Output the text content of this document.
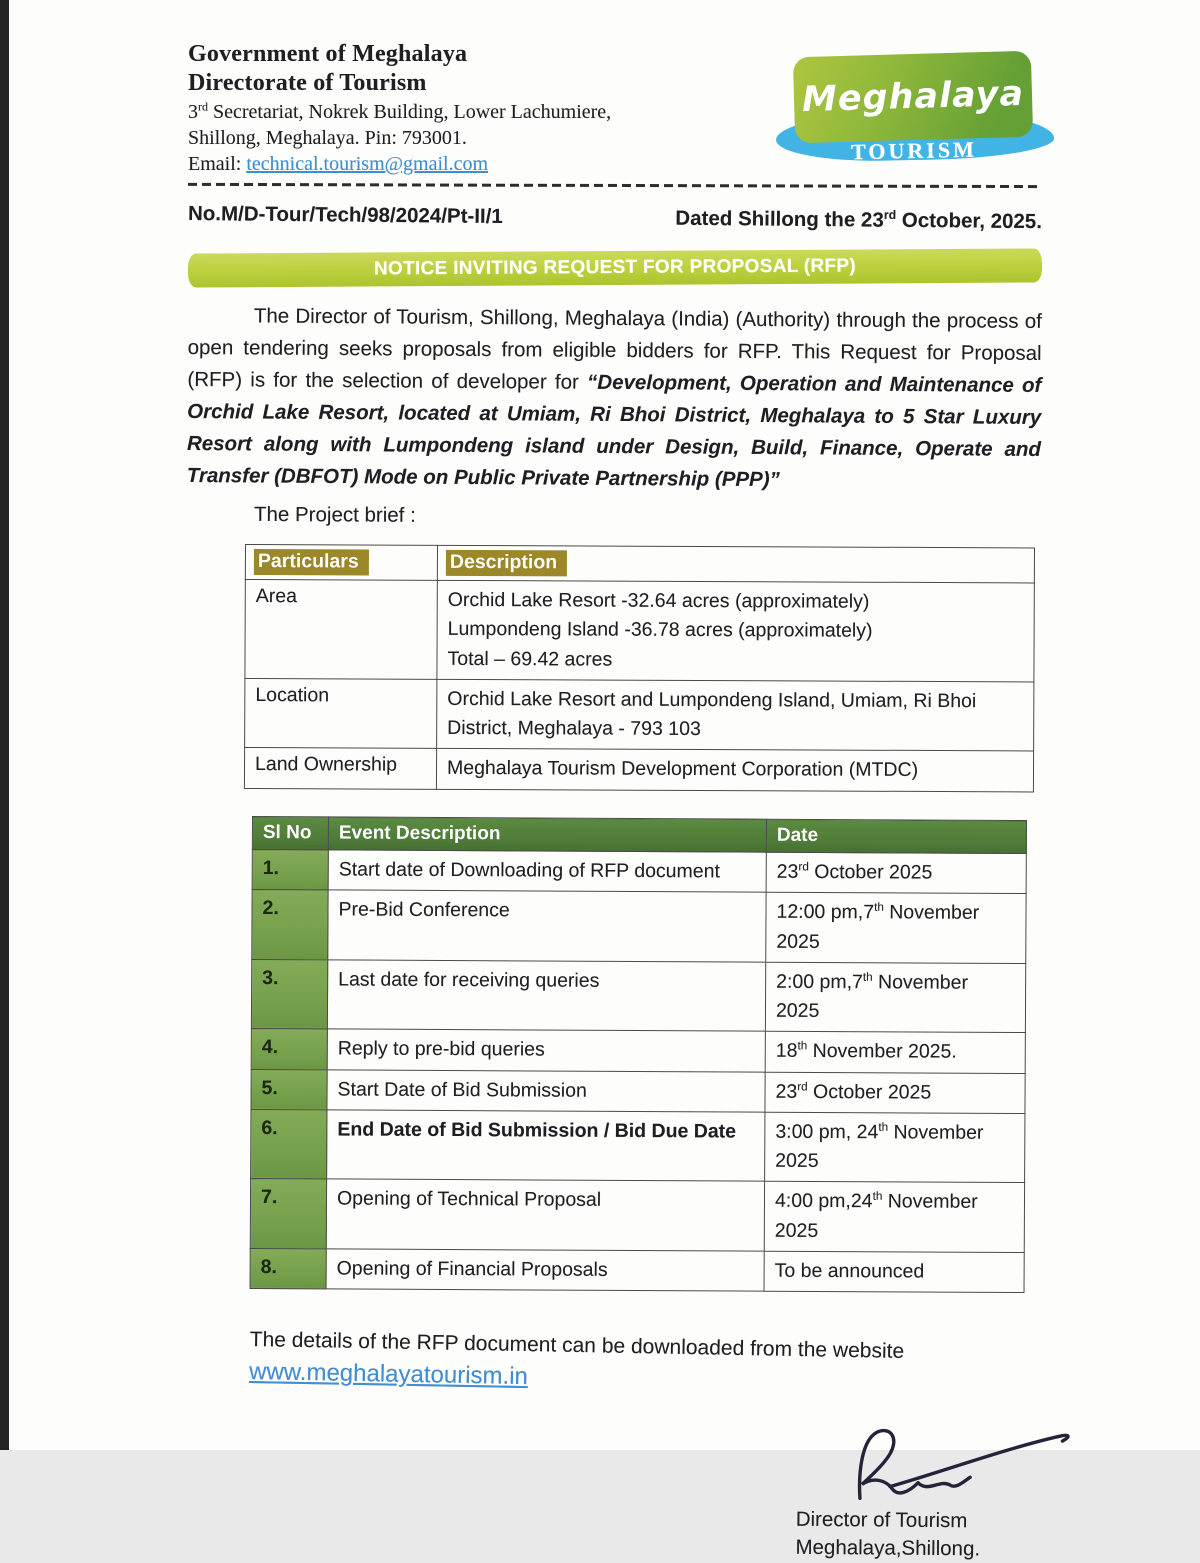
Government of Meghalaya
Directorate of Tourism
3rd Secretariat, Nokrek Building, Lower Lachumiere,
Shillong, Meghalaya. Pin: 793001.
Email: technical.tourism@gmail.com
Meghalaya
TOURISM
No.M/D-Tour/Tech/98/2024/Pt-II/1	Dated Shillong the 23rd October, 2025.
NOTICE INVITING REQUEST FOR PROPOSAL (RFP)

The Director of Tourism, Shillong, Meghalaya (India) (Authority) through the process of open tendering seeks proposals from eligible bidders for RFP. This Request for Proposal (RFP) is for the selection of developer for “Development, Operation and Maintenance of Orchid Lake Resort, located at Umiam, Ri Bhoi District, Meghalaya to 5 Star Luxury Resort along with Lumpondeng island under Design, Build, Finance, Operate and Transfer (DBFOT) Mode on Public Private Partnership (PPP)”

The Project brief :
Particulars	Description
Area	Orchid Lake Resort -32.64 acres (approximately)
Lumpondeng Island -36.78 acres (approximately)
Total – 69.42 acres

Location	Orchid Lake Resort and Lumpondeng Island, Umiam, Ri Bhoi District, Meghalaya - 793 103

Land Ownership	Meghalaya Tourism Development Corporation (MTDC)
Sl No	Event Description	Date
1.	Start date of Downloading of RFP document	23rd October 2025
2.	Pre-Bid Conference	12:00 pm,7th November 2025
3.	Last date for receiving queries	2:00 pm,7th November 2025
4.	Reply to pre-bid queries	18th November 2025.
5.	Start Date of Bid Submission	23rd October 2025
6.	End Date of Bid Submission / Bid Due Date	3:00 pm, 24th November 2025
7.	Opening of Technical Proposal	4:00 pm,24th November 2025
8.	Opening of Financial Proposals	To be announced

The details of the RFP document can be downloaded from the website
www.meghalayatourism.in

Director of Tourism
Meghalaya,Shillong.
